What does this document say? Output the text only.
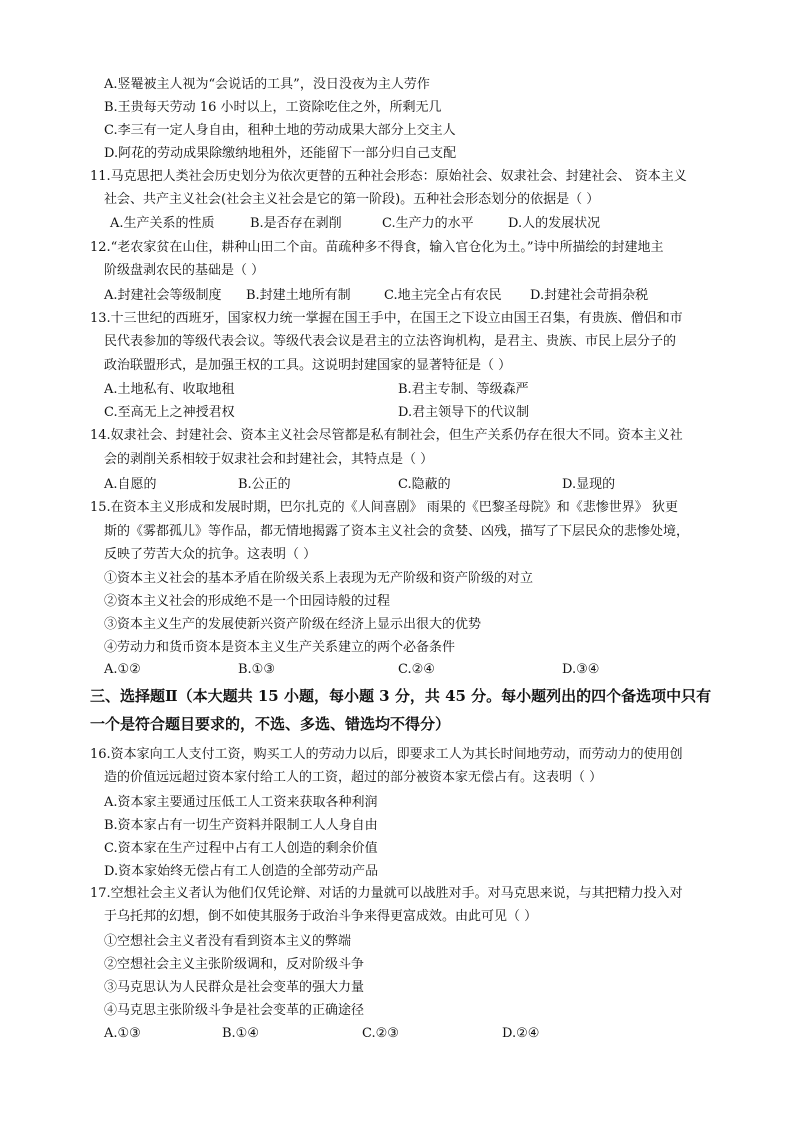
A.竖罨被主人视为“会说话的工具”，没日没夜为主人劳作
B.王贵每天劳动 16 小时以上，工资除吃住之外，所剩无几
C.李三有一定人身自由，租种土地的劳动成果大部分上交主人
D.阿花的劳动成果除缴纳地租外，还能留下一部分归自己支配
11.马克思把人类社会历史划分为依次更替的五种社会形态：原始社会、奴隶社会、封建社会、 资本主义
社会、共产主义社会(社会主义社会是它的第一阶段)。五种社会形态划分的依据是（ ）
A.生产关系的性质	B.是否存在剥削	C.生产力的水平	D.人的发展状况
12.“老农家贫在山住，耕种山田二个亩。苗疏种多不得食，输入官仓化为土。”诗中所描绘的封建地主
阶级盘剥农民的基础是（ ）
A.封建社会等级制度 B.封建土地所有制	C.地主完全占有农民 D.封建社会苛捐杂税
13.十三世纪的西班牙，国家权力统一掌握在国王手中，在国王之下设立由国王召集，有贵族、僧侣和市
民代表参加的等级代表会议。等级代表会议是君主的立法咨询机构，是君主、贵族、市民上层分子的
政治联盟形式，是加强王权的工具。这说明封建国家的显著特征是（ ）
A.土地私有、收取地租	B.君主专制、等级森严
C.至高无上之神授君权	D.君主领导下的代议制
14.奴隶社会、封建社会、资本主义社会尽管都是私有制社会，但生产关系仍存在很大不同。资本主义社
会的剥削关系相较于奴隶社会和封建社会，其特点是（ ）
A.自愿的	B.公正的	C.隐蔽的	D.显现的
15.在资本主义形成和发展时期，巴尔扎克的《人间喜剧》 雨果的《巴黎圣母院》和《悲惨世界》 狄更
斯的《雾都孤儿》等作品，都无情地揭露了资本主义社会的贪婪、凶残，描写了下层民众的悲惨处境，
反映了劳苦大众的抗争。这表明（ ）
①资本主义社会的基本矛盾在阶级关系上表现为无产阶级和资产阶级的对立
②资本主义社会的形成绝不是一个田园诗般的过程
③资本主义生产的发展使新兴资产阶级在经济上显示出很大的优势
④劳动力和货币资本是资本主义生产关系建立的两个必备条件
A.①②	B.①③	C.②④	D.③④
三、选择题Ⅱ（本大题共 15 小题，每小题 3 分，共 45 分。每小题列出的四个备选项中只有
一个是符合题目要求的，不选、多选、错选均不得分）
16.资本家向工人支付工资，购买工人的劳动力以后，即要求工人为其长时间地劳动，而劳动力的使用创
造的价值远远超过资本家付给工人的工资，超过的部分被资本家无偿占有。这表明（ ）
A.资本家主要通过压低工人工资来获取各种利润
B.资本家占有一切生产资料并限制工人人身自由
C.资本家在生产过程中占有工人创造的剩余价值
D.资本家始终无偿占有工人创造的全部劳动产品
17.空想社会主义者认为他们仅凭论辩、对话的力量就可以战胜对手。对马克思来说，与其把精力投入对
于乌托邦的幻想，倒不如使其服务于政治斗争来得更富成效。由此可见（ ）
①空想社会主义者没有看到资本主义的弊端
②空想社会主义主张阶级调和，反对阶级斗争
③马克思认为人民群众是社会变革的强大力量
④马克思主张阶级斗争是社会变革的正确途径
A.①③	B.①④	C.②③	D.②④
